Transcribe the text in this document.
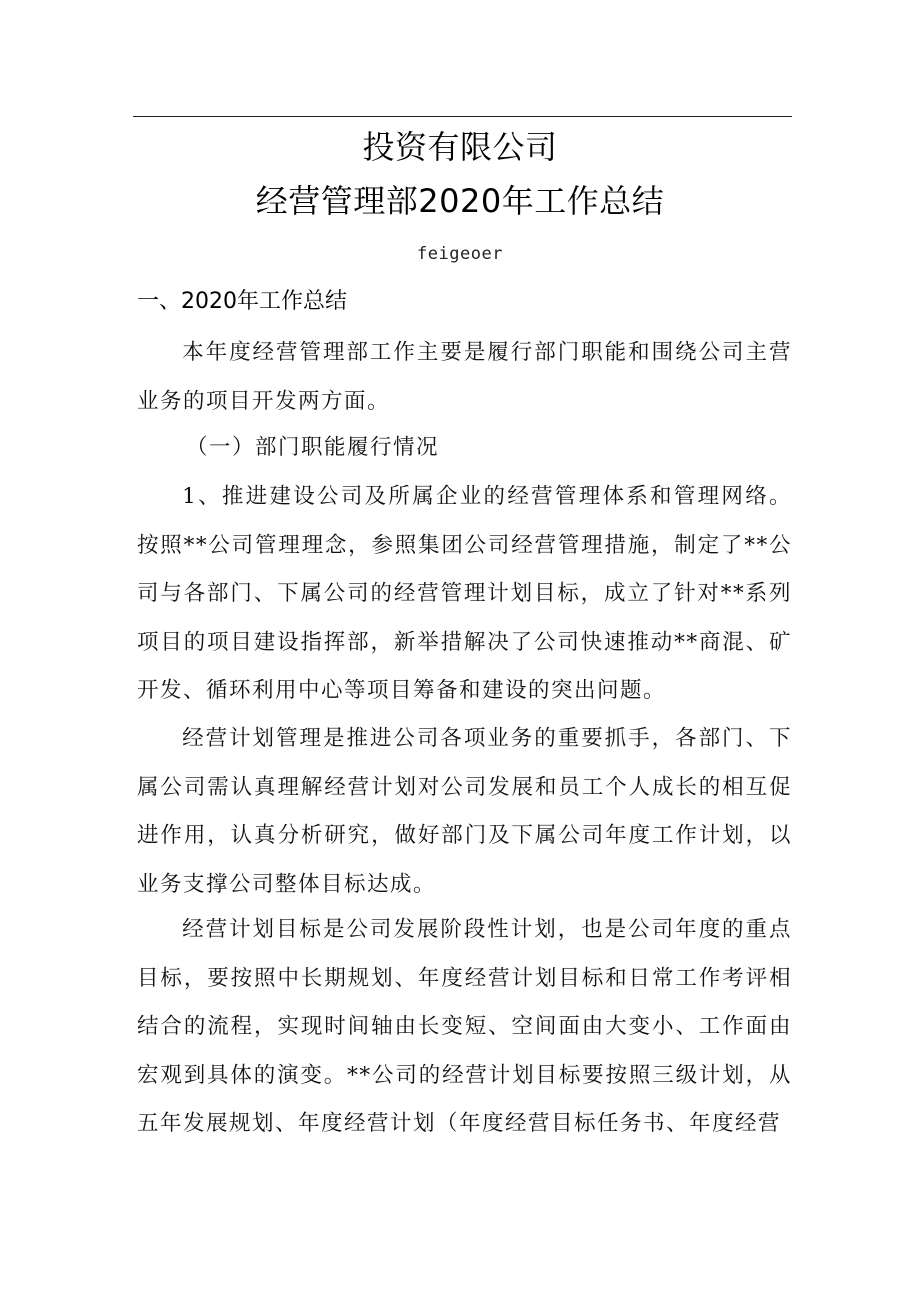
投资有限公司
经营管理部2020年工作总结
feigeoer
一、2020年工作总结
本年度经营管理部工作主要是履行部门职能和围绕公司主营业务的项目开发两方面。
（一）部门职能履行情况
1、推进建设公司及所属企业的经营管理体系和管理网络。按照**公司管理理念，参照集团公司经营管理措施，制定了**公司与各部门、下属公司的经营管理计划目标，成立了针对**系列项目的项目建设指挥部，新举措解决了公司快速推动**商混、矿开发、循环利用中心等项目筹备和建设的突出问题。
经营计划管理是推进公司各项业务的重要抓手，各部门、下属公司需认真理解经营计划对公司发展和员工个人成长的相互促进作用，认真分析研究，做好部门及下属公司年度工作计划，以业务支撑公司整体目标达成。
经营计划目标是公司发展阶段性计划，也是公司年度的重点目标，要按照中长期规划、年度经营计划目标和日常工作考评相结合的流程，实现时间轴由长变短、空间面由大变小、工作面由宏观到具体的演变。**公司的经营计划目标要按照三级计划，从五年发展规划、年度经营计划（年度经营目标任务书、年度经营
